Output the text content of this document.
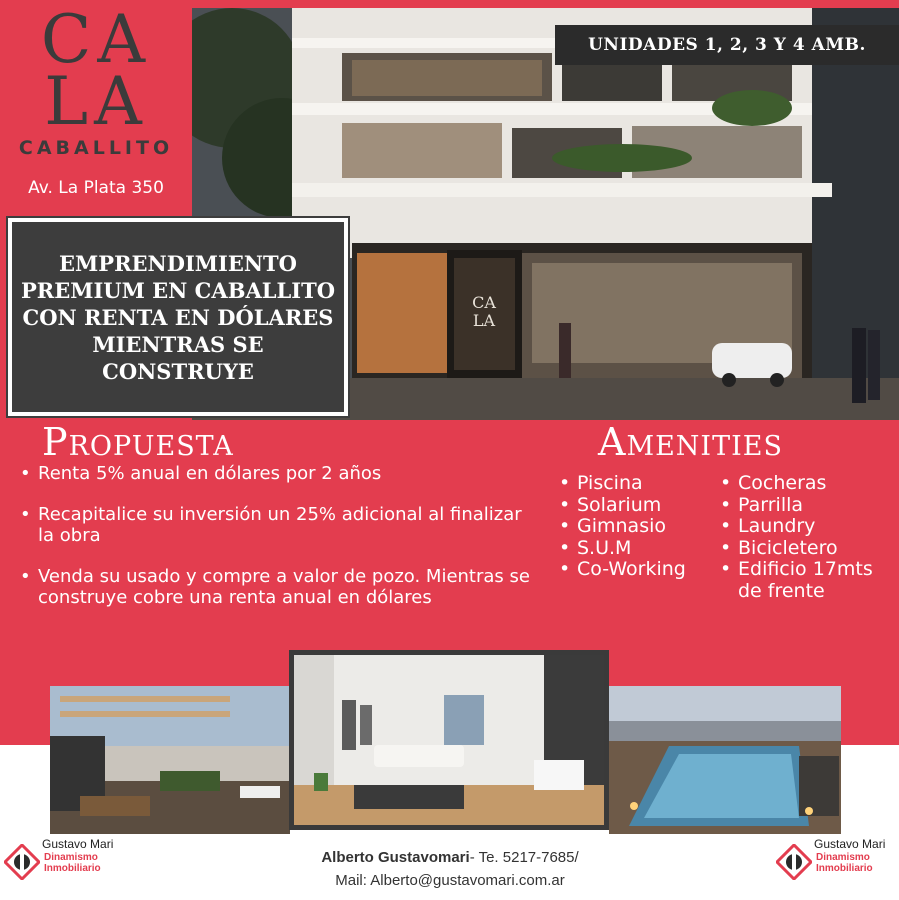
CA
LA
CABALLITO
Av. La Plata 350
CA
LA
UNIDADES 1, 2, 3 Y 4 AMB.
EMPRENDIMIENTO PREMIUM EN CABALLITO CON RENTA EN DÓLARES MIENTRAS SE CONSTRUYE
Propuesta
• Renta 5% anual en dólares por 2 años
• Recapitalice su inversión un 25% adicional al finalizar la obra
• Venda su usado y compre a valor de pozo. Mientras se construye cobre una renta anual en dólares
Amenities
• Piscina
• Solarium
• Gimnasio
• S.U.M
• Co-Working
• Cocheras
• Parrilla
• Laundry
• Bicicletero
• Edificio 17mts de frente
Alberto Gustavomari- Te. 5217-7685/
Mail: Alberto@gustavomari.com.ar
Gustavo Mari
Dinamismo
Inmobiliario
Gustavo Mari
Dinamismo
Inmobiliario
